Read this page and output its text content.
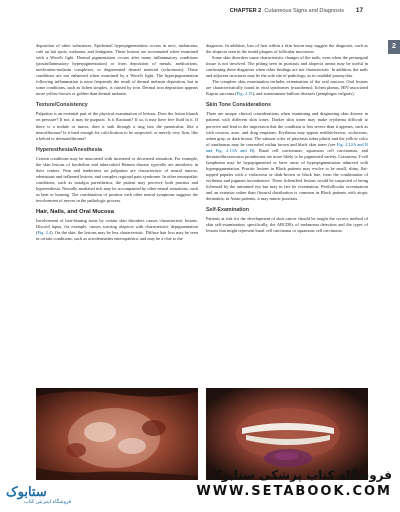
CHAPTER 2 Cutaneous Signs and Diagnosis 17
2

deposition of other substances. Epidermal hyperpigmentation occurs in nevi, melanoma, café au lait spots, melasma, and lentigines. These lesions are accentuated when examined with a Wood's light. Dermal pigmentation occurs after many inflammatory conditions (postinflammatory hyperpigmentation) or from deposition of metals, medications, medication-melanin complexes, or degenerated dermal material (ochronosis). These conditions are not enhanced when examined by a Wood's light. The hyperpigmentation following inflammation is most frequently the result of dermal melanin deposition, but in some conditions, such as lichen simplex, is caused by iron. Dermal iron deposition appears more yellow-brown or golden than dermal melanin.

Texture/Consistency

Palpation is an essential part of the physical examination of lesions. Does the lesion blanch on pressure? If not, it may be purpuric. Is it fluctuant? If so, it may have free fluid in it. If there is a nodule or tumor, does it sink through a ring into the panniculus, like a neurofibroma? Is it hard enough for calcification to be suspected, or merely very firm, like a keloid or dermatofibroma?

Hyperesthesia/Anesthesia

Certain conditions may be associated with increased or decreased sensation. For example, the skin lesions of borderline and tuberculoid Hansen disease typically are anesthetic in their centers. Pain and tenderness on palpation are characteristic of neural tumors, edematous and inflamed lesions, and complex regional pain syndrome. In other neuropathic conditions, such as notalgia paresthetica, the patient may perceive both pruritus and hyperesthesia. Neurally mediated itch may be accompanied by other neural sensations, such as heat or burning. The combination of pruritus with other neural symptoms suggests the involvement of nerves in the pathologic process.

Hair, Nails, and Oral Mucosa

Involvement of hair-bearing areas by certain skin disorders causes characteristic lesions. Discoid lupus, for example, causes scarring alopecia with characteristic depigmentation (Fig. 2.4). On the skin, the lesions may be less characteristic. Diffuse hair loss may be seen in certain conditions, such as acrodermatitis enteropathica, and may be a clue to the

diagnosis. In addition, loss of hair within a skin lesion may suggest the diagnosis, such as the alopecia seen in the tumid plaques of follicular mucinosis.

Some skin disorders cause characteristic changes of the nails, even when the periungual tissue is not involved. The pitting seen in psoriasis and alopecia areata may be useful in confirming these diagnoses when other findings are not characteristic. In addition, the nails and adjacent structures may be the sole site of pathology, as in candidal paronychia.

The complete skin examination includes examination of the oral mucosa. Oral lesions are characteristically found in viral syndromes (exanthems), lichen planus, HIV-associated Kaposi sarcoma (Fig. 2.15), and autoimmune bullous diseases (pemphigus vulgaris).

Skin Tone Considerations

There are unique clinical considerations when examining and diagnosing skin disease in patients with different skin tones. Darker skin tones may make erythema difficult to perceive and lead to the impression that the condition is less severe than it appears, such as with rosacea, acne, and drug eruptions. Erythema may appear reddish-brown, violaceous, ashen gray, or dark brown. The salmon color of pityriasis rubra pilaris and the yellow color of xanthomas may be concealed within brown and black skin tones (see Fig. 2.12A and B and Fig. 2.13A and B). Basal cell carcinomas, squamous cell carcinomas, and dermatofibrosarcoma protuberans are more likely to be pigmented variety. Cutaneous T-cell lymphoma may be hypopigmented or have areas of hyperpigmentation admixed with hyperpigmentation. Pruritic lesions in Black patients may evolve to be small, shiny, flat-topped papules with a violaceous or dark-brown or black hue, from the combination of erythema and pigment incontinence. These lichenified lesions would be suspected of being lichenoid by the untrained eye but may in fact be eczematous. Perifollicular accentuation and an extensor rather than flexural distribution is common in Black patients with atopic dermatitis; in Asian patients, it may mimic psoriasis.

Self-Examination

Patients at risk for the development of skin cancer should be taught the correct method of skin self-examination, specifically, the ABCDEs of melanoma detection and the types of lesions that might represent basal cell carcinoma or squamous cell carcinoma.

ستابوک
فروشگاه اینترنتی کتاب
فروشگاه کتاب پزشکی ستابوک
WWW.SETABOOK.COM
